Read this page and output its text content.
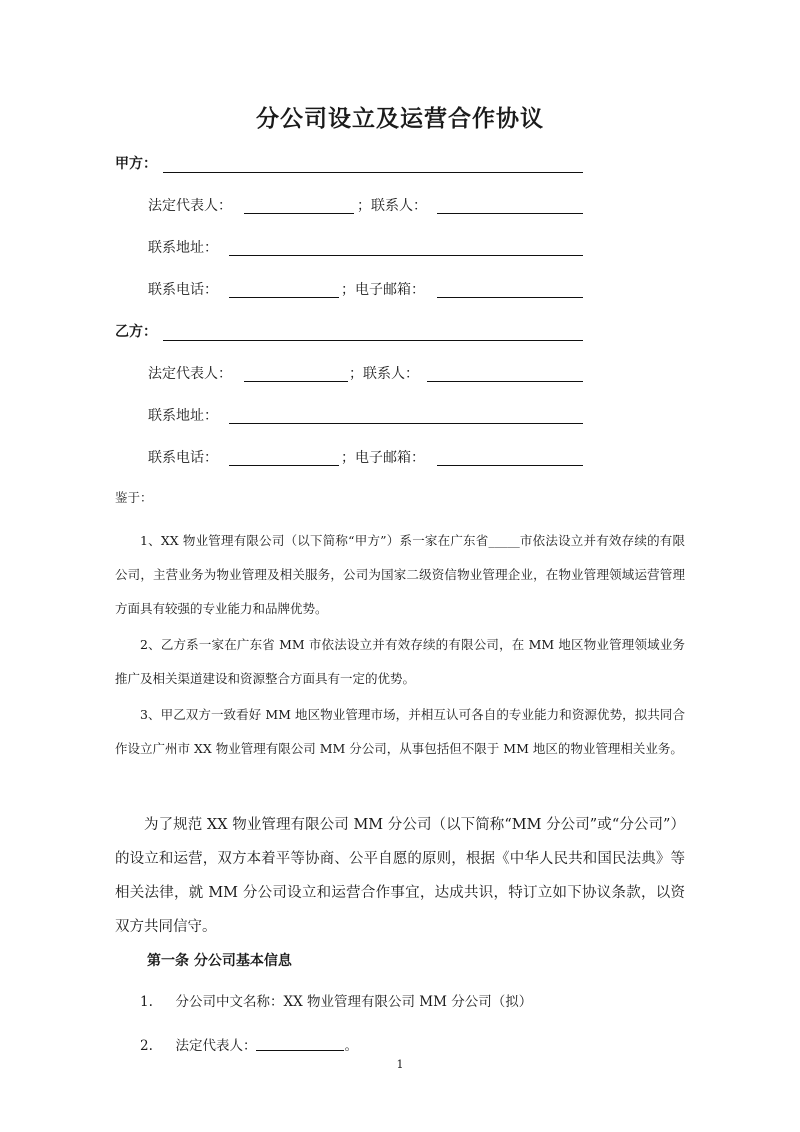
分公司设立及运营合作协议
甲方：
法定代表人：	；联系人：
联系地址：
联系电话：	；电子邮箱：
乙方：
法定代表人：	；联系人：
联系地址：
联系电话：	；电子邮箱：
鉴于：
1、XX 物业管理有限公司（以下简称“甲方”）系一家在广东省_____市依法设立并有效存续的有限公司，主营业务为物业管理及相关服务，公司为国家二级资信物业管理企业，在物业管理领域运营管理方面具有较强的专业能力和品牌优势。
2、乙方系一家在广东省 MM 市依法设立并有效存续的有限公司，在 MM 地区物业管理领域业务推广及相关渠道建设和资源整合方面具有一定的优势。
3、甲乙双方一致看好 MM 地区物业管理市场，并相互认可各自的专业能力和资源优势，拟共同合作设立广州市 XX 物业管理有限公司 MM 分公司，从事包括但不限于 MM 地区的物业管理相关业务。
为了规范 XX 物业管理有限公司 MM 分公司（以下简称“MM 分公司”或“分公司”）的设立和运营，双方本着平等协商、公平自愿的原则，根据《中华人民共和国民法典》等相关法律，就 MM 分公司设立和运营合作事宜，达成共识，特订立如下协议条款，以资双方共同信守。
第一条 分公司基本信息
1. 分公司中文名称：XX 物业管理有限公司 MM 分公司（拟）
2. 法定代表人：	。
1
